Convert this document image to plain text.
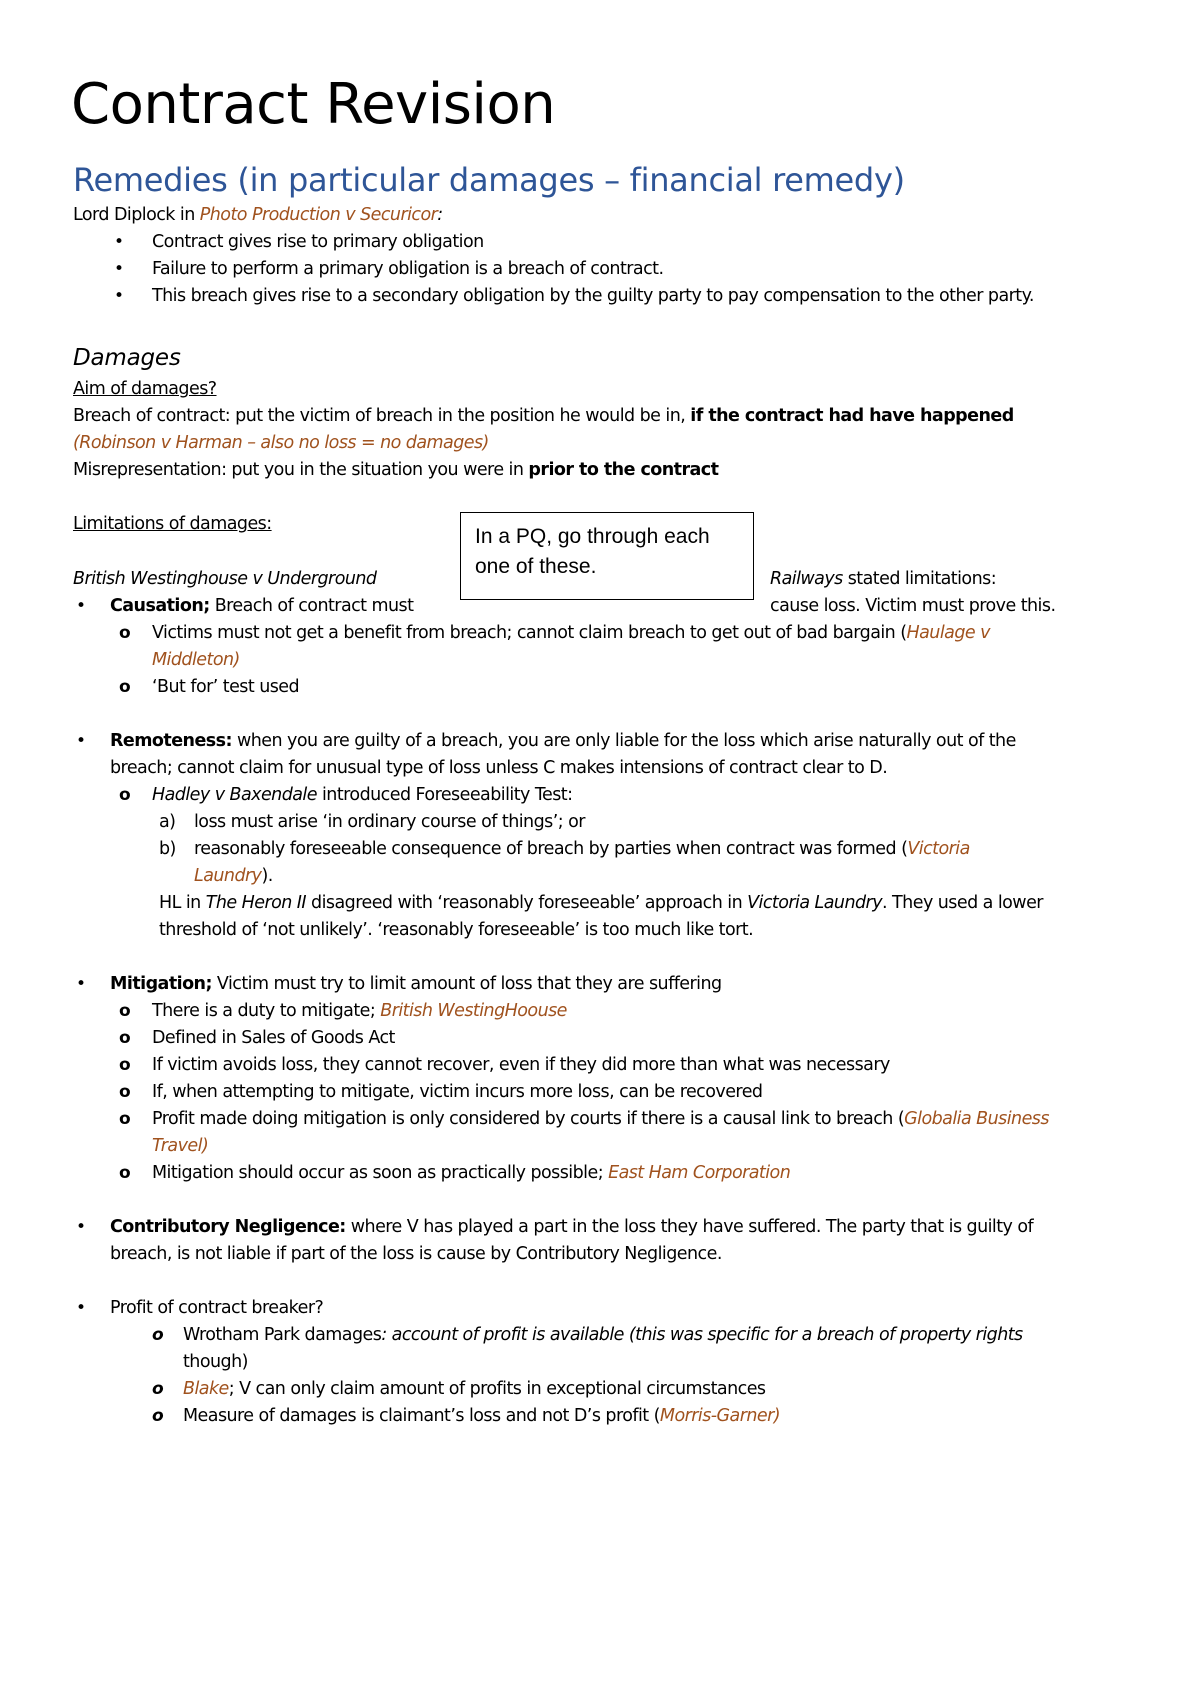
Contract Revision
Remedies (in particular damages – financial remedy)
Lord Diplock in Photo Production v Securicor:
• Contract gives rise to primary obligation
• Failure to perform a primary obligation is a breach of contract.
• This breach gives rise to a secondary obligation by the guilty party to pay compensation to the other party.
Damages
Aim of damages?
Breach of contract: put the victim of breach in the position he would be in, if the contract had have happened
(Robinson v Harman – also no loss = no damages)
Misrepresentation: put you in the situation you were in prior to the contract
Limitations of damages:
In a PQ, go through each one of these.
British Westinghouse v Underground	Railways stated limitations:
• Causation; Breach of contract must	cause loss. Victim must prove this.
o Victims must not get a benefit from breach; cannot claim breach to get out of bad bargain (Haulage v
Middleton)
o ‘But for’ test used
• Remoteness: when you are guilty of a breach, you are only liable for the loss which arise naturally out of the
breach; cannot claim for unusual type of loss unless C makes intensions of contract clear to D.
o Hadley v Baxendale introduced Foreseeability Test:
a) loss must arise ‘in ordinary course of things’; or
b) reasonably foreseeable consequence of breach by parties when contract was formed (Victoria
Laundry).
HL in The Heron II disagreed with ‘reasonably foreseeable’ approach in Victoria Laundry. They used a lower
threshold of ‘not unlikely’. ‘reasonably foreseeable’ is too much like tort.
• Mitigation; Victim must try to limit amount of loss that they are suffering
o There is a duty to mitigate; British WestingHoouse
o Defined in Sales of Goods Act
o If victim avoids loss, they cannot recover, even if they did more than what was necessary
o If, when attempting to mitigate, victim incurs more loss, can be recovered
o Profit made doing mitigation is only considered by courts if there is a causal link to breach (Globalia Business
Travel)
o Mitigation should occur as soon as practically possible; East Ham Corporation
• Contributory Negligence: where V has played a part in the loss they have suffered. The party that is guilty of
breach, is not liable if part of the loss is cause by Contributory Negligence.
• Profit of contract breaker?
o Wrotham Park damages: account of profit is available (this was specific for a breach of property rights
though)
o Blake; V can only claim amount of profits in exceptional circumstances
o Measure of damages is claimant’s loss and not D’s profit (Morris-Garner)
